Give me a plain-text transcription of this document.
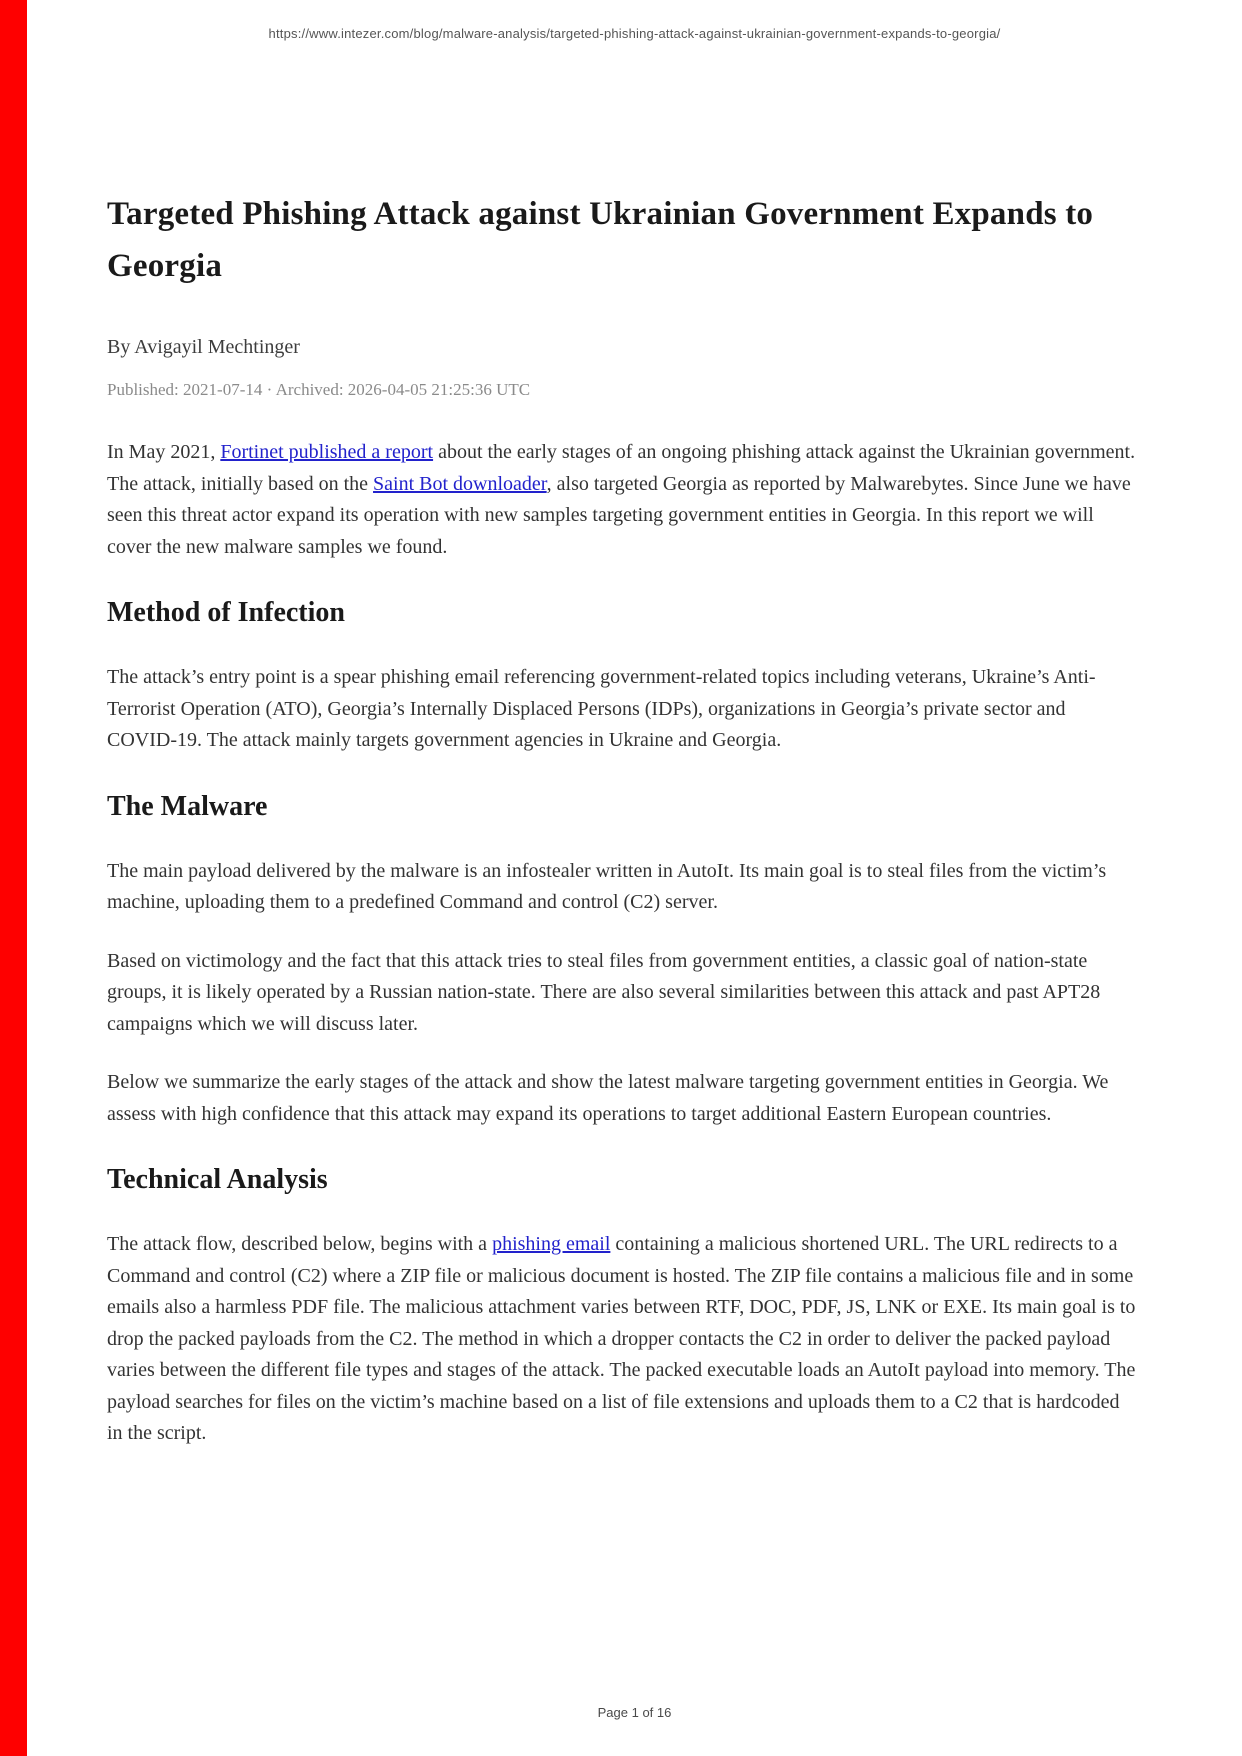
https://www.intezer.com/blog/malware-analysis/targeted-phishing-attack-against-ukrainian-government-expands-to-georgia/
Targeted Phishing Attack against Ukrainian Government Expands to Georgia
By Avigayil Mechtinger
Published: 2021-07-14 · Archived: 2026-04-05 21:25:36 UTC

In May 2021, Fortinet published a report about the early stages of an ongoing phishing attack against the Ukrainian government. The attack, initially based on the Saint Bot downloader, also targeted Georgia as reported by Malwarebytes. Since June we have seen this threat actor expand its operation with new samples targeting government entities in Georgia. In this report we will cover the new malware samples we found.

Method of Infection

The attack’s entry point is a spear phishing email referencing government-related topics including veterans, Ukraine’s Anti-Terrorist Operation (ATO), Georgia’s Internally Displaced Persons (IDPs), organizations in Georgia’s private sector and COVID-19. The attack mainly targets government agencies in Ukraine and Georgia.

The Malware

The main payload delivered by the malware is an infostealer written in AutoIt. Its main goal is to steal files from the victim’s machine, uploading them to a predefined Command and control (C2) server.

Based on victimology and the fact that this attack tries to steal files from government entities, a classic goal of nation-state groups, it is likely operated by a Russian nation-state. There are also several similarities between this attack and past APT28 campaigns which we will discuss later.

Below we summarize the early stages of the attack and show the latest malware targeting government entities in Georgia. We assess with high confidence that this attack may expand its operations to target additional Eastern European countries.

Technical Analysis

The attack flow, described below, begins with a phishing email containing a malicious shortened URL. The URL redirects to a Command and control (C2) where a ZIP file or malicious document is hosted. The ZIP file contains a malicious file and in some emails also a harmless PDF file. The malicious attachment varies between RTF, DOC, PDF, JS, LNK or EXE. Its main goal is to drop the packed payloads from the C2. The method in which a dropper contacts the C2 in order to deliver the packed payload varies between the different file types and stages of the attack. The packed executable loads an AutoIt payload into memory. The payload searches for files on the victim’s machine based on a list of file extensions and uploads them to a C2 that is hardcoded in the script.

Page 1 of 16
